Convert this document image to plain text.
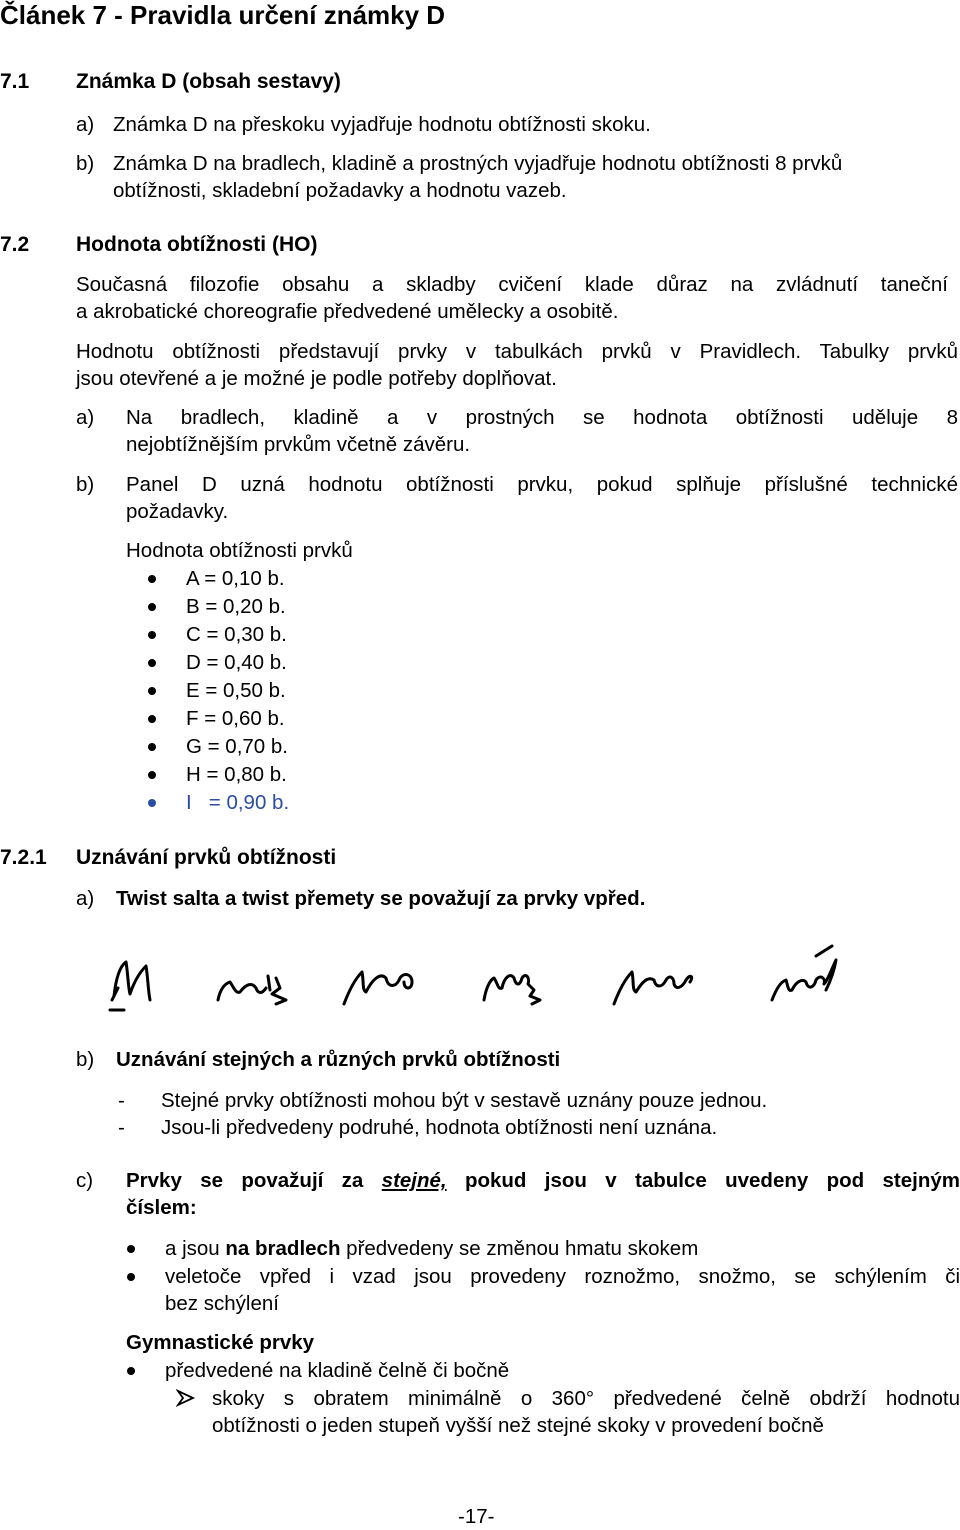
Článek 7 - Pravidla určení známky D
7.1 Známka D (obsah sestavy)
a) Známka D na přeskoku vyjadřuje hodnotu obtížnosti skoku.
b) Známka D na bradlech, kladině a prostných vyjadřuje hodnotu obtížnosti 8 prvků
obtížnosti, skladební požadavky a hodnotu vazeb.
7.2 Hodnota obtížnosti (HO)
Současná filozofie obsahu a skladby cvičení klade důraz na zvládnutí taneční
a akrobatické choreografie předvedené umělecky a osobitě.
Hodnotu obtížnosti představují prvky v tabulkách prvků v Pravidlech. Tabulky prvků
jsou otevřené a je možné je podle potřeby doplňovat.
a) Na bradlech, kladině a v prostných se hodnota obtížnosti uděluje 8
nejobtížnějším prvkům včetně závěru.
b) Panel D uzná hodnotu obtížnosti prvku, pokud splňuje příslušné technické
požadavky.
Hodnota obtížnosti prvků
A = 0,10 b.
B = 0,20 b.
C = 0,30 b.
D = 0,40 b.
E = 0,50 b.
F = 0,60 b.
G = 0,70 b.
H = 0,80 b.
I   = 0,90 b.
7.2.1 Uznávání prvků obtížnosti
a) Twist salta a twist přemety se považují za prvky vpřed.
b) Uznávání stejných a různých prvků obtížnosti
- Stejné prvky obtížnosti mohou být v sestavě uznány pouze jednou.
- Jsou-li předvedeny podruhé, hodnota obtížnosti není uznána.
c) Prvky se považují za stejné, pokud jsou v tabulce uvedeny pod stejným
číslem:
a jsou na bradlech předvedeny se změnou hmatu skokem
veletoče vpřed i vzad jsou provedeny roznožmo, snožmo, se schýlením či
bez schýlení
Gymnastické prvky
předvedené na kladině čelně či bočně
skoky s obratem minimálně o 360° předvedené čelně obdrží hodnotu
obtížnosti o jeden stupeň vyšší než stejné skoky v provedení bočně
-17-
